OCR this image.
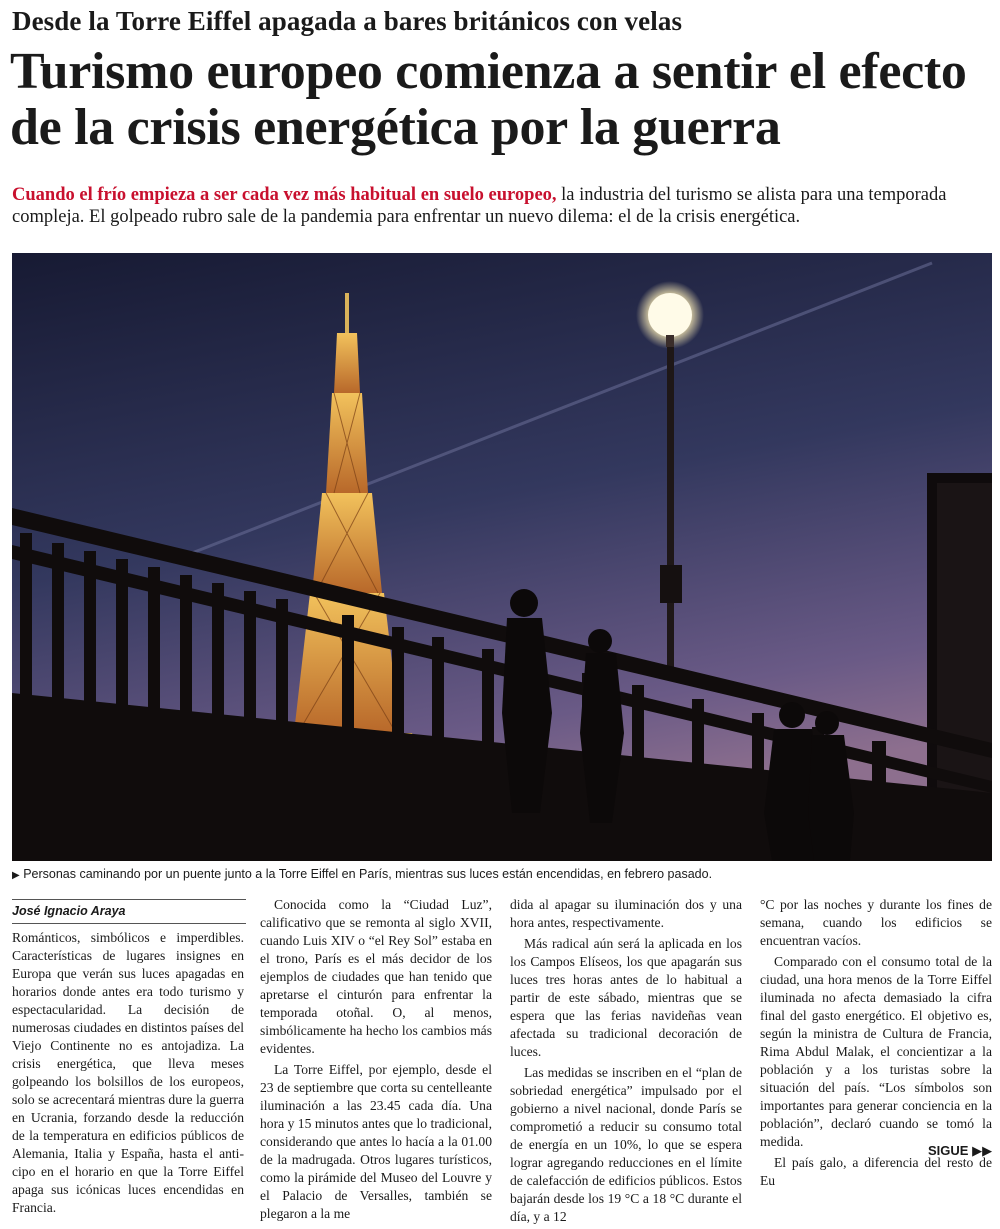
Desde la Torre Eiffel apagada a bares británicos con velas
Turismo europeo comienza a sentir el efecto de la crisis energética por la guerra
Cuando el frío empieza a ser cada vez más habitual en suelo europeo, la industria del turismo se alista para una temporada compleja. El golpeado rubro sale de la pandemia para enfrentar un nuevo dilema: el de la crisis energética.
▶ Personas caminando por un puente junto a la Torre Eiffel en París, mientras sus luces están encendidas, en febrero pasado.
José Ignacio Araya

Románticos, simbólicos e imperdibles. Características de lugares insignes en Europa que verán sus luces apagadas en horarios donde antes era todo turismo y espectacularidad. La decisión de numerosas ciudades en distintos países del Viejo Continente no es antojadiza. La crisis energética, que lleva meses golpeando los bolsillos de los europeos, solo se acrecentará mientras dure la guerra en Ucrania, forzando desde la reducción de la temperatura en edificios públicos de Alemania, Italia y España, hasta el anticipo en el horario en que la Torre Eiffel apaga sus icónicas luces encendidas en Francia.

Conocida como la “Ciudad Luz”, calificativo que se remonta al siglo XVII, cuando Luis XIV o “el Rey Sol” estaba en el trono, París es el más decidor de los ejemplos de ciudades que han tenido que apretarse el cinturón para enfrentar la temporada otoñal. O, al menos, simbólicamente ha hecho los cambios más evidentes.

La Torre Eiffel, por ejemplo, desde el 23 de septiembre que corta su centelleante iluminación a las 23.45 cada día. Una hora y 15 minutos antes que lo tradicional, considerando que antes lo hacía a la 01.00 de la madrugada. Otros lugares turísticos, como la pirámide del Museo del Louvre y el Palacio de Versalles, también se plegaron a la me

dida al apagar su iluminación dos y una hora antes, respectivamente.

Más radical aún será la aplicada en los los Campos Elíseos, los que apagarán sus luces tres horas antes de lo habitual a partir de este sábado, mientras que se espera que las ferias navideñas vean afectada su tradicional decoración de luces.

Las medidas se inscriben en el “plan de sobriedad energética” impulsado por el gobierno a nivel nacional, donde París se comprometió a reducir su consumo total de energía en un 10%, lo que se espera lograr agregando reducciones en el límite de calefacción de edificios públicos. Estos bajarán desde los 19 °C a 18 °C durante el día, y a 12

°C por las noches y durante los fines de semana, cuando los edificios se encuentran vacíos.

Comparado con el consumo total de la ciudad, una hora menos de la Torre Eiffel iluminada no afecta demasiado la cifra final del gasto energético. El objetivo es, según la ministra de Cultura de Francia, Rima Abdul Malak, el concientizar a la población y a los turistas sobre la situación del país. “Los símbolos son importantes para generar conciencia en la población”, declaró cuando se tomó la medida.

El país galo, a diferencia del resto de Eu

SIGUE ▶▶
